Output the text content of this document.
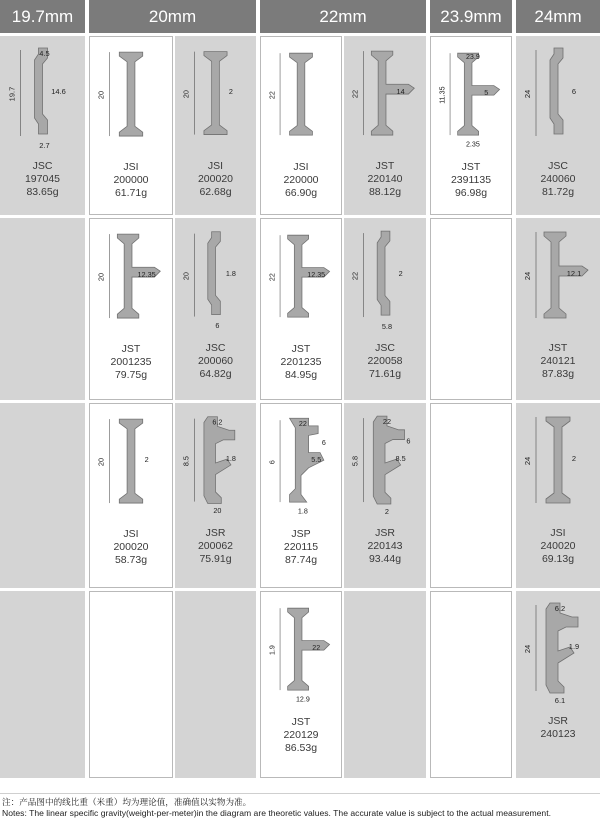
19.7mm	20mm	22mm	23.9mm	24mm
19.7	14.6
2.7
4.5
JSC
197045
83.65g
20
JSI
200000
61.71g
20	2
JSI
200020
62.68g
22
JSI
220000
66.90g
22	14
JST
220140
88.12g
11.35	5
2.35
23.9
JST
2391135
96.98g
24	6
JSC
240060
81.72g
20	12.35
JST
2001235
79.75g
20	1.8
6
JSC
200060
64.82g
22	12.35
JST
2201235
84.95g
22	2
5.8
JSC
220058
71.61g
24	12.1
JST
240121
87.83g
20	2
JSI
200020
58.73g
8.5	1.8
20
6.2
JSR
200062
75.91g
6	5.5
1.8
22
6
JSP
220115
87.74g
5.8	8.5
2
22
6
JSR
220143
93.44g
24	2
JSI
240020
69.13g
1.9	22
12.9
JST
220129
86.53g
24	1.9
6.1
6.2
JSR
240123
注：产品图中的线比重（米重）均为理论值，准确值以实物为准。
Notes: The linear specific gravity(weight-per-meter)in the diagram are theoretic values. The accurate value is subject to the actual measurement.
